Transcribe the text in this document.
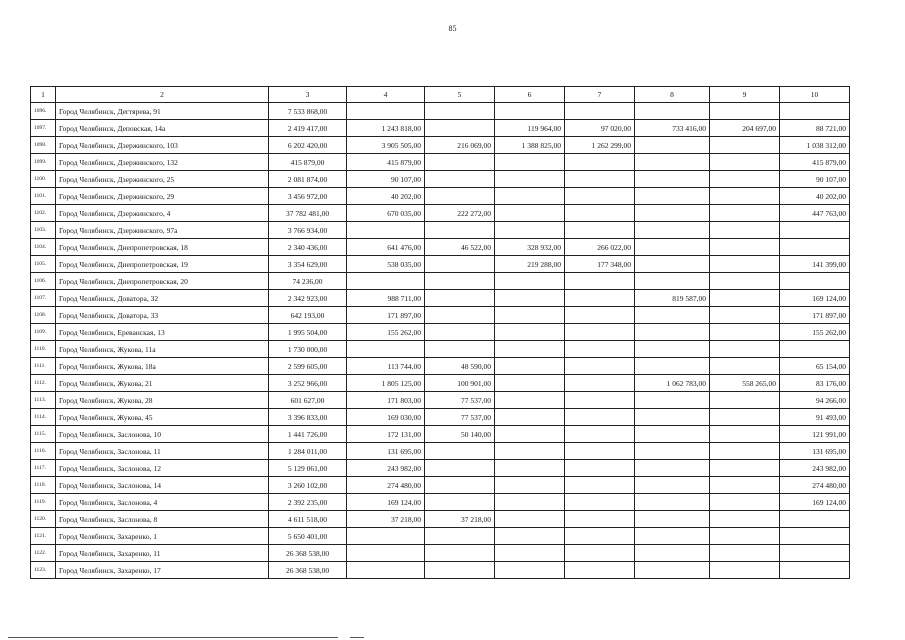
85
1	2	3	4	5	6	7	8	9	10
1096.	Город Челябинск, Дегтярева, 91	7 533 868,00							
1097.	Город Челябинск, Деповская, 14а	2 419 417,00	1 243 818,00		119 964,00	97 020,00	733 416,00	204 697,00	88 721,00
1098.	Город Челябинск, Дзержинского, 103	6 202 420,00	3 905 505,00	216 069,00	1 388 825,00	1 262 299,00			1 038 312,00
1099.	Город Челябинск, Дзержинского, 132	415 879,00	415 879,00						415 879,00
1100.	Город Челябинск, Дзержинского, 25	2 081 874,00	90 107,00						90 107,00
1101.	Город Челябинск, Дзержинского, 29	3 456 972,00	40 202,00						40 202,00
1102.	Город Челябинск, Дзержинского, 4	37 782 481,00	670 035,00	222 272,00					447 763,00
1103.	Город Челябинск, Дзержинского, 97а	3 766 934,00							
1104.	Город Челябинск, Днепропетровская, 18	2 340 436,00	641 476,00	46 522,00	328 932,00	266 022,00			
1105.	Город Челябинск, Днепропетровская, 19	3 354 629,00	538 035,00		219 288,00	177 348,00			141 399,00
1106.	Город Челябинск, Днепропетровская, 20	74 236,00							
1107.	Город Челябинск, Доватора, 32	2 342 923,00	988 711,00				819 587,00		169 124,00
1108.	Город Челябинск, Доватора, 33	642 193,00	171 897,00						171 897,00
1109.	Город Челябинск, Ереванская, 13	1 995 504,00	155 262,00						155 262,00
1110.	Город Челябинск, Жукова, 11а	1 730 000,00							
1111.	Город Челябинск, Жукова, 18а	2 599 605,00	113 744,00	48 590,00					65 154,00
1112.	Город Челябинск, Жукова, 21	3 252 966,00	1 805 125,00	100 901,00			1 062 783,00	558 265,00	83 176,00
1113.	Город Челябинск, Жукова, 28	601 627,00	171 803,00	77 537,00					94 266,00
1114.	Город Челябинск, Жукова, 45	3 396 833,00	169 030,00	77 537,00					91 493,00
1115.	Город Челябинск, Заслонова, 10	1 441 726,00	172 131,00	50 140,00					121 991,00
1116.	Город Челябинск, Заслонова, 11	1 284 011,00	131 695,00						131 695,00
1117.	Город Челябинск, Заслонова, 12	5 129 061,00	243 982,00						243 982,00
1118.	Город Челябинск, Заслонова, 14	3 260 102,00	274 480,00						274 480,00
1119.	Город Челябинск, Заслонова, 4	2 392 235,00	169 124,00						169 124,00
1120.	Город Челябинск, Заслонова, 8	4 611 518,00	37 218,00	37 218,00					
1121.	Город Челябинск, Захаренко, 1	5 650 401,00							
1122.	Город Челябинск, Захаренко, 11	26 368 538,00							
1123.	Город Челябинск, Захаренко, 17	26 368 538,00							
